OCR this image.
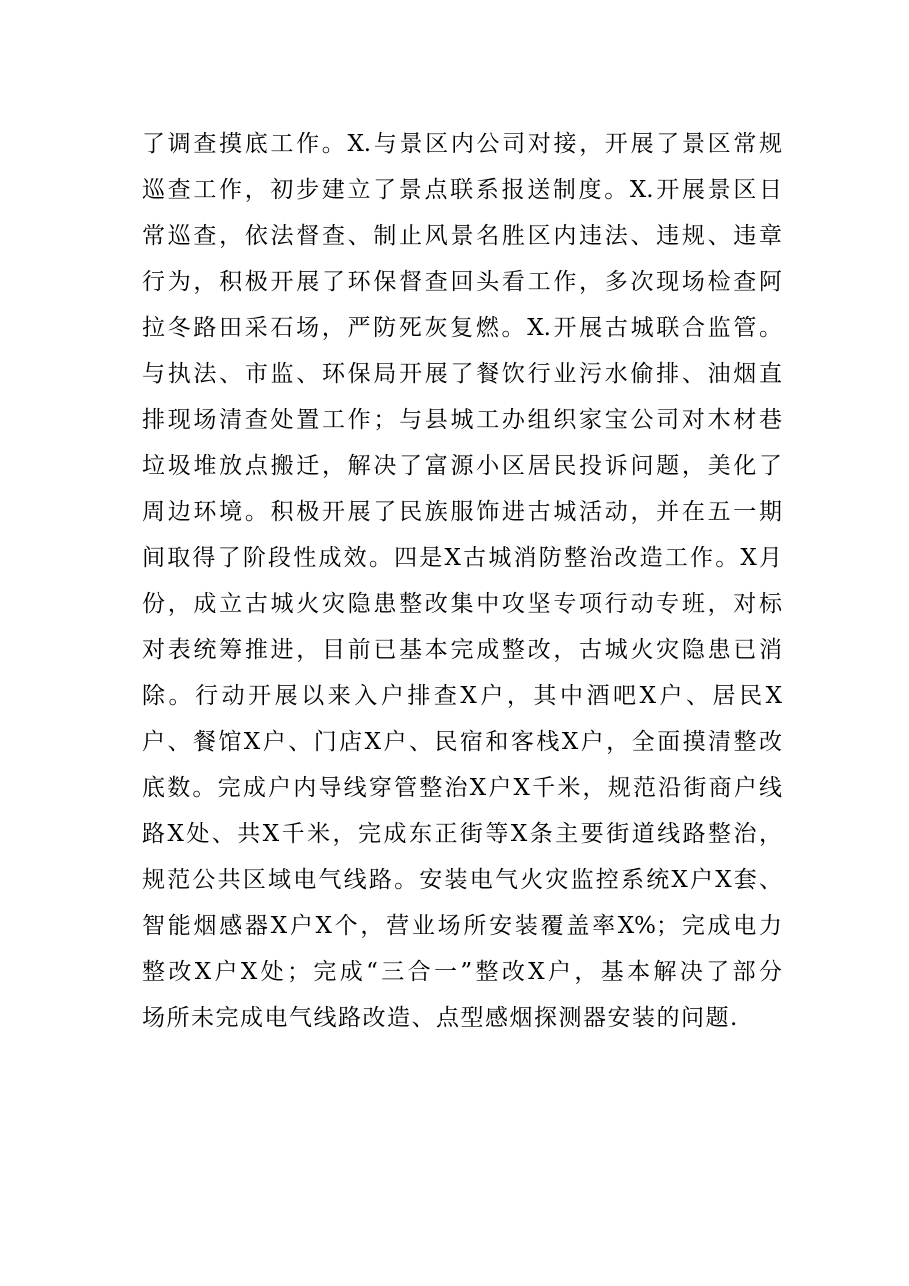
了调查摸底工作。X.与景区内公司对接，开展了景区常规
巡查工作，初步建立了景点联系报送制度。X.开展景区日
常巡查，依法督查、制止风景名胜区内违法、违规、违章
行为，积极开展了环保督查回头看工作，多次现场检查阿
拉冬路田采石场，严防死灰复燃。X.开展古城联合监管。
与执法、市监、环保局开展了餐饮行业污水偷排、油烟直
排现场清查处置工作；与县城工办组织家宝公司对木材巷
垃圾堆放点搬迁，解决了富源小区居民投诉问题，美化了
周边环境。积极开展了民族服饰进古城活动，并在五一期
间取得了阶段性成效。四是X古城消防整治改造工作。X月
份，成立古城火灾隐患整改集中攻坚专项行动专班，对标
对表统筹推进，目前已基本完成整改，古城火灾隐患已消
除。行动开展以来入户排查X户，其中酒吧X户、居民X
户、餐馆X户、门店X户、民宿和客栈X户，全面摸清整改
底数。完成户内导线穿管整治X户X千米，规范沿街商户线
路X处、共X千米，完成东正街等X条主要街道线路整治，
规范公共区域电气线路。安装电气火灾监控系统X户X套、
智能烟感器X户X个，营业场所安装覆盖率X%；完成电力
整改X户X处；完成“三合一”整改X户，基本解决了部分
场所未完成电气线路改造、点型感烟探测器安装的问题.
